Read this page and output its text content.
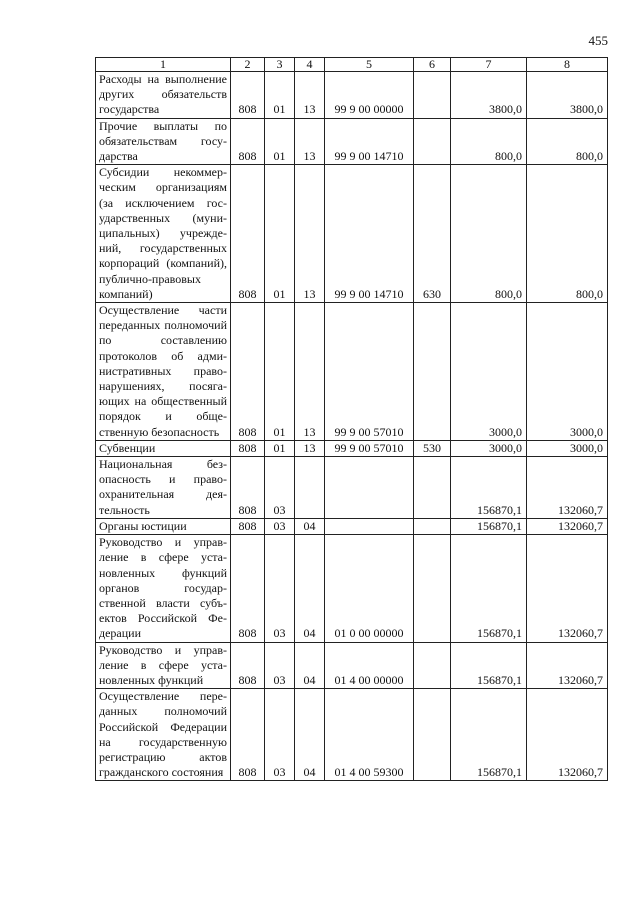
455
1	2	3	4	5	6	7	8
Расходы на выполнение других обязательств государства	808	01	13	99 9 00 00000		3800,0	3800,0
Прочие выплаты по обязательствам государства	808	01	13	99 9 00 14710		800,0	800,0
Субсидии некоммерческим организациям (за исключением государственных (муниципальных) учреждений, государственных корпораций (компаний), публично-правовых компаний)	808	01	13	99 9 00 14710	630	800,0	800,0
Осуществление части переданных полномочий по составлению протоколов об административных правонарушениях, посягающих на общественный порядок и общественную безопасность	808	01	13	99 9 00 57010		3000,0	3000,0
Субвенции	808	01	13	99 9 00 57010	530	3000,0	3000,0
Национальная безопасность и правоохранительная деятельность	808	03				156870,1	132060,7
Органы юстиции	808	03	04			156870,1	132060,7
Руководство и управление в сфере установленных функций органов государственной власти субъектов Российской Федерации	808	03	04	01 0 00 00000		156870,1	132060,7
Руководство и управление в сфере установленных функций	808	03	04	01 4 00 00000		156870,1	132060,7
Осуществление переданных полномочий Российской Федерации на государственную регистрацию актов гражданского состояния	808	03	04	01 4 00 59300		156870,1	132060,7
